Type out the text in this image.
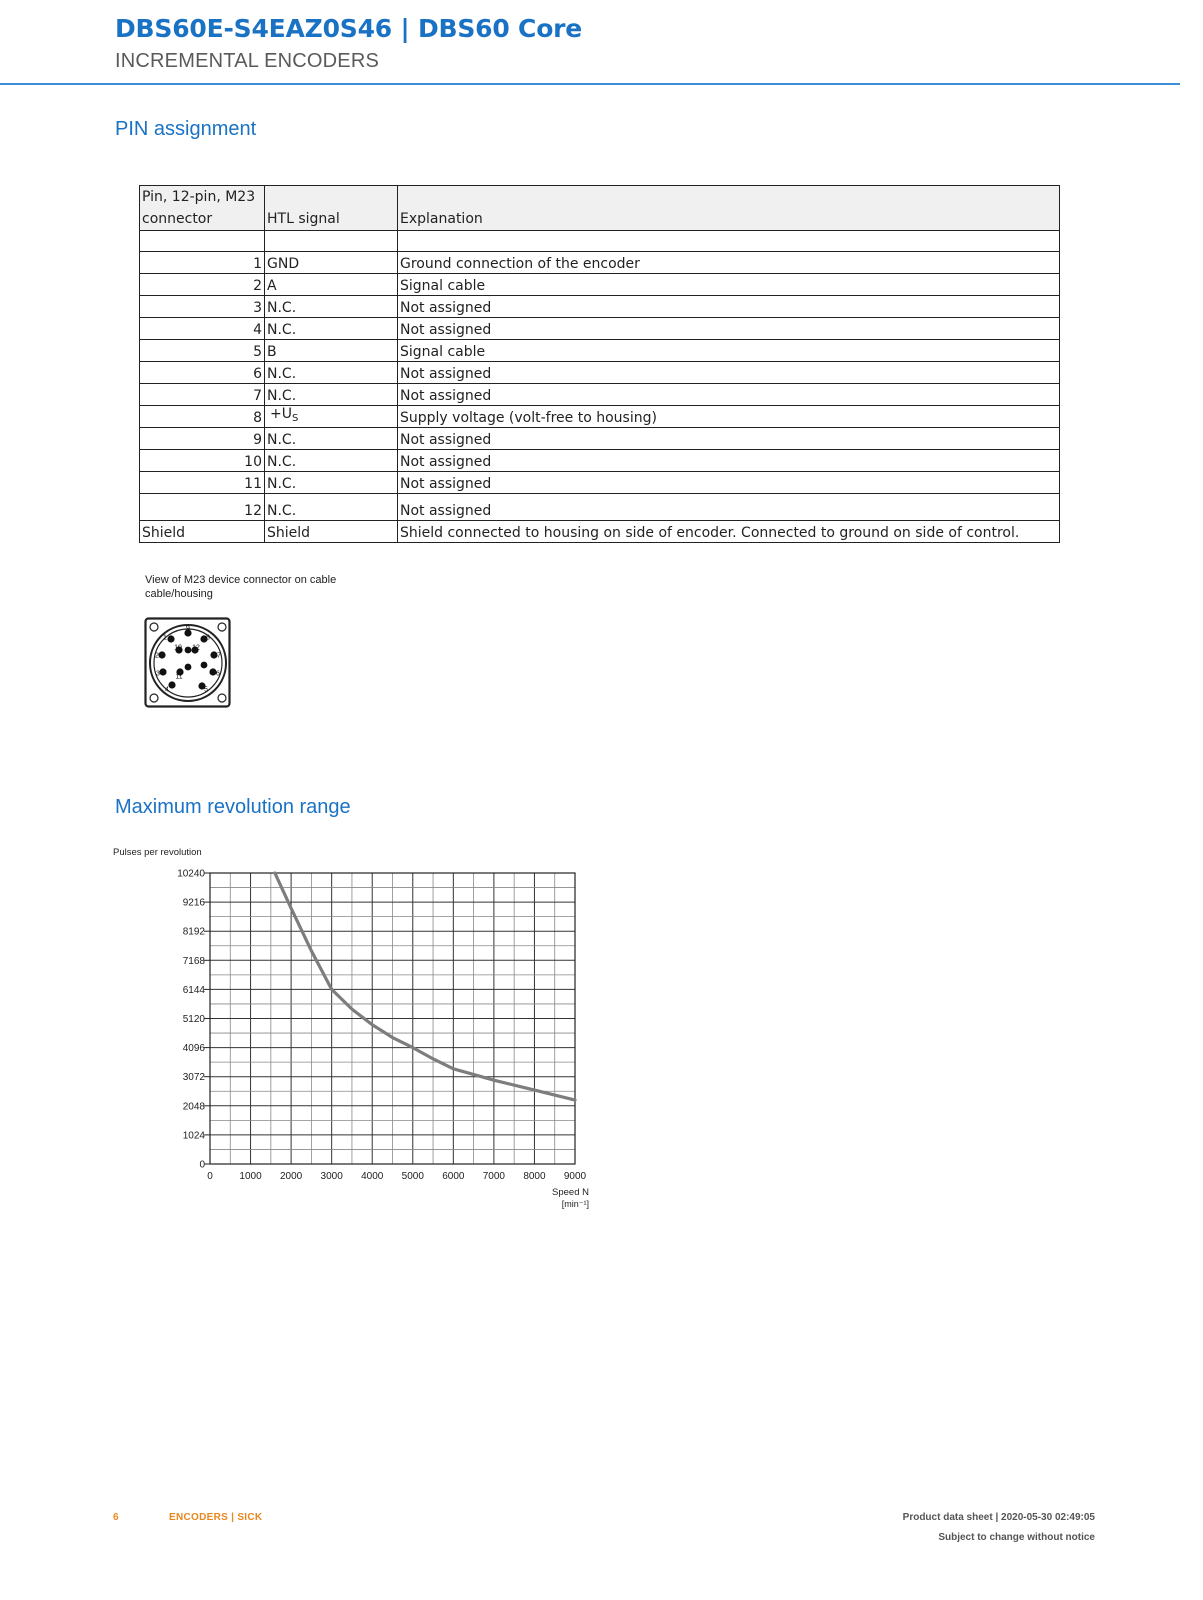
DBS60E-S4EAZ0S46 | DBS60 Core
INCREMENTAL ENCODERS
PIN assignment
Pin, 12-pin, M23 connector	HTL signal	Explanation

1	GND	Ground connection of the encoder
2	A	Signal cable
3	N.C.	Not assigned
4	N.C.	Not assigned
5	B	Signal cable
6	N.C.	Not assigned
7	N.C.	Not assigned
8	$+U_S$	Supply voltage (volt-free to housing)
9	N.C.	Not assigned
10	N.C.	Not assigned
11	N.C.	Not assigned
12	N.C.	Not assigned
Shield	Shield	Shield connected to housing on side of encoder. Connected to ground on side of control.
View of M23 device connector on cable cable/housing
1
2
3
4	5
6
7
8
9
10
11
12
Maximum revolution range
0
1024
2048
3072
4096
5120
6144
7168
8192
9216
10240
0	1000 2000 3000 4000 5000 6000 7000 8000 9000
Pulses per revolution
Speed N
[min⁻¹]
6	ENCODERS | SICK	Product data sheet | 2020-05-30 02:49:05
Subject to change without notice
